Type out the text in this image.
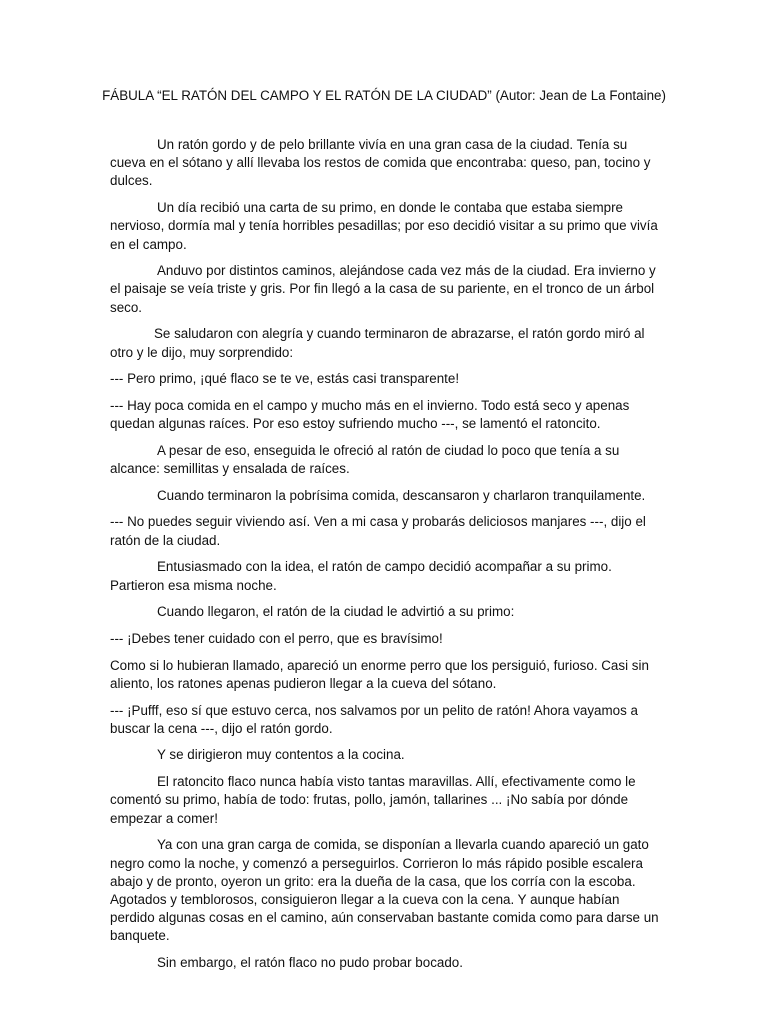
FÁBULA “EL RATÓN DEL CAMPO Y EL RATÓN DE LA CIUDAD” (Autor: Jean de La Fontaine)

Un ratón gordo y de pelo brillante vivía en una gran casa de la ciudad. Tenía su cueva en el sótano y allí llevaba los restos de comida que encontraba: queso, pan, tocino y dulces.

Un día recibió una carta de su primo, en donde le contaba que estaba siempre nervioso, dormía mal y tenía horribles pesadillas; por eso decidió visitar a su primo que vivía en el campo.

Anduvo por distintos caminos, alejándose cada vez más de la ciudad. Era invierno y el paisaje se veía triste y gris. Por fin llegó a la casa de su pariente, en el tronco de un árbol seco.

Se saludaron con alegría y cuando terminaron de abrazarse, el ratón gordo miró al otro y le dijo, muy sorprendido:

--- Pero primo, ¡qué flaco se te ve, estás casi transparente!

--- Hay poca comida en el campo y mucho más en el invierno. Todo está seco y apenas quedan algunas raíces. Por eso estoy sufriendo mucho ---, se lamentó el ratoncito.

A pesar de eso, enseguida le ofreció al ratón de ciudad lo poco que tenía a su alcance: semillitas y ensalada de raíces.

Cuando terminaron la pobrísima comida, descansaron y charlaron tranquilamente.

--- No puedes seguir viviendo así. Ven a mi casa y probarás deliciosos manjares ---, dijo el ratón de la ciudad.

Entusiasmado con la idea, el ratón de campo decidió acompañar a su primo. Partieron esa misma noche.

Cuando llegaron, el ratón de la ciudad le advirtió a su primo:

--- ¡Debes tener cuidado con el perro, que es bravísimo!

Como si lo hubieran llamado, apareció un enorme perro que los persiguió, furioso. Casi sin aliento, los ratones apenas pudieron llegar a la cueva del sótano.

--- ¡Pufff, eso sí que estuvo cerca, nos salvamos por un pelito de ratón! Ahora vayamos a buscar la cena ---, dijo el ratón gordo.

Y se dirigieron muy contentos a la cocina.

El ratoncito flaco nunca había visto tantas maravillas. Allí, efectivamente como le comentó su primo, había de todo: frutas, pollo, jamón, tallarines ... ¡No sabía por dónde empezar a comer!

Ya con una gran carga de comida, se disponían a llevarla cuando apareció un gato negro como la noche, y comenzó a perseguirlos. Corrieron lo más rápido posible escalera abajo y de pronto, oyeron un grito: era la dueña de la casa, que los corría con la escoba. Agotados y temblorosos, consiguieron llegar a la cueva con la cena. Y aunque habían perdido algunas cosas en el camino, aún conservaban bastante comida como para darse un banquete.

Sin embargo, el ratón flaco no pudo probar bocado.
